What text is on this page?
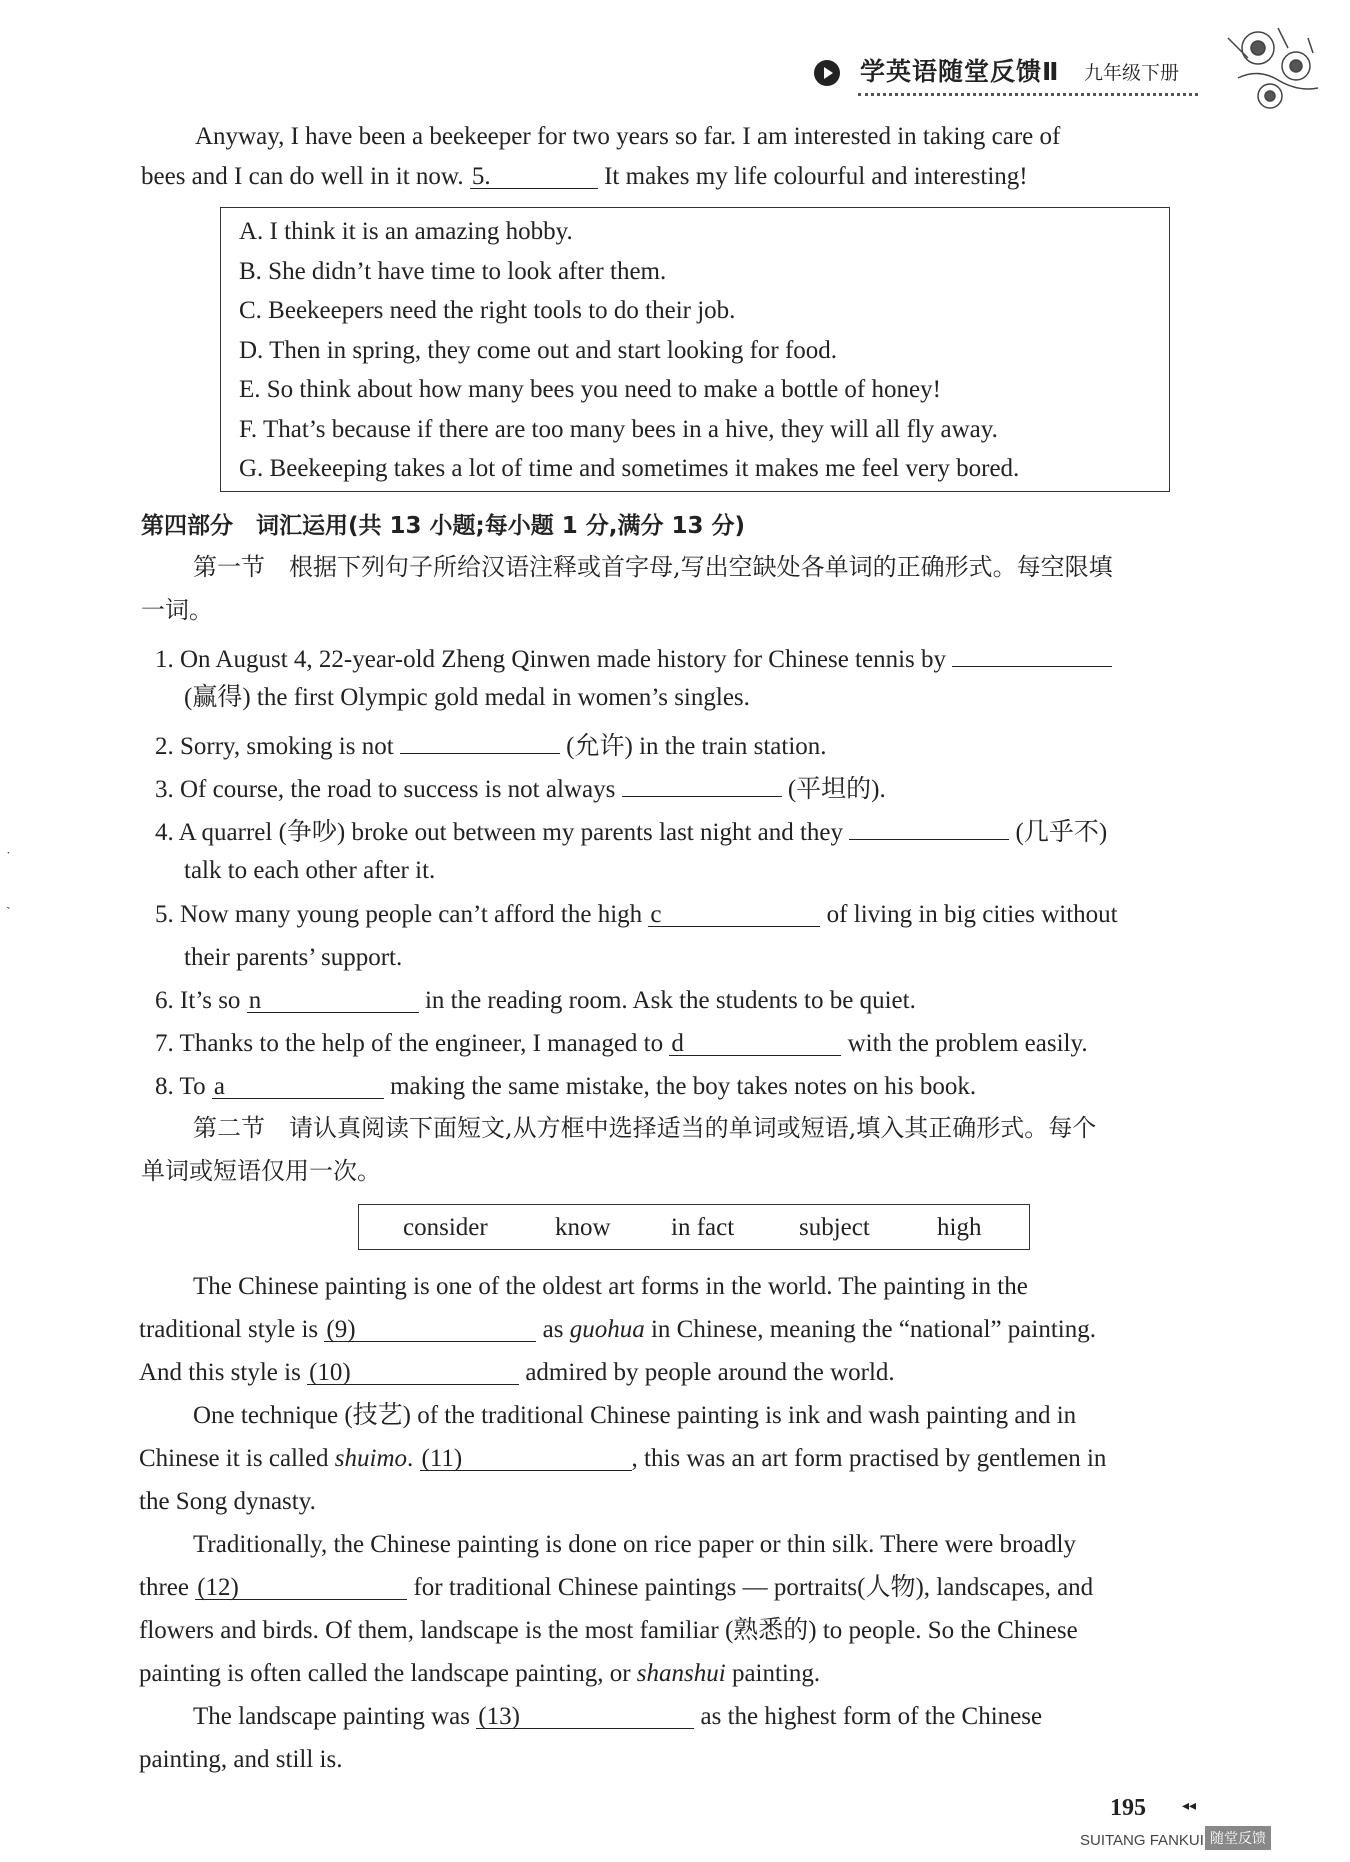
学英语随堂反馈Ⅱ 九年级下册
Anyway, I have been a beekeeper for two years so far. I am interested in taking care of
bees and I can do well in it now. 5.	It makes my life colourful and interesting!
A. I think it is an amazing hobby.
B. She didn’t have time to look after them.
C. Beekeepers need the right tools to do their job.
D. Then in spring, they come out and start looking for food.
E. So think about how many bees you need to make a bottle of honey!
F. That’s because if there are too many bees in a hive, they will all fly away.
G. Beekeeping takes a lot of time and sometimes it makes me feel very bored.
第四部分　词汇运用(共 13 小题;每小题 1 分,满分 13 分)
第一节　根据下列句子所给汉语注释或首字母,写出空缺处各单词的正确形式。每空限填
一词。
1. On August 4, 22-year-old Zheng Qinwen made history for Chinese tennis by
(赢得) the first Olympic gold medal in women’s singles.
2. Sorry, smoking is not	(允许) in the train station.
3. Of course, the road to success is not always	(平坦的).
4. A quarrel (争吵) broke out between my parents last night and they	(几乎不)
talk to each other after it.
5. Now many young people can’t afford the high c	of living in big cities without
their parents’ support.
6. It’s so n	in the reading room. Ask the students to be quiet.
7. Thanks to the help of the engineer, I managed to d	with the problem easily.
8. To a	making the same mistake, the boy takes notes on his book.
第二节　请认真阅读下面短文,从方框中选择适当的单词或短语,填入其正确形式。每个
单词或短语仅用一次。
consider	know in fact	subject	high
The Chinese painting is one of the oldest art forms in the world. The painting in the
traditional style is (9)	as guohua in Chinese, meaning the “national” painting.
And this style is (10)	admired by people around the world.
One technique (技艺) of the traditional Chinese painting is ink and wash painting and in
Chinese it is called shuimo. (11)	, this was an art form practised by gentlemen in
the Song dynasty.
Traditionally, the Chinese painting is done on rice paper or thin silk. There were broadly
three (12)	for traditional Chinese paintings — portraits(人物), landscapes, and
flowers and birds. Of them, landscape is the most familiar (熟悉的) to people. So the Chinese
painting is often called the landscape painting, or shanshui painting.
The landscape painting was (13)	as the highest form of the Chinese
painting, and still is.
˙
ˏ
195	◂◂
SUITANG FANKUI 随堂反馈
